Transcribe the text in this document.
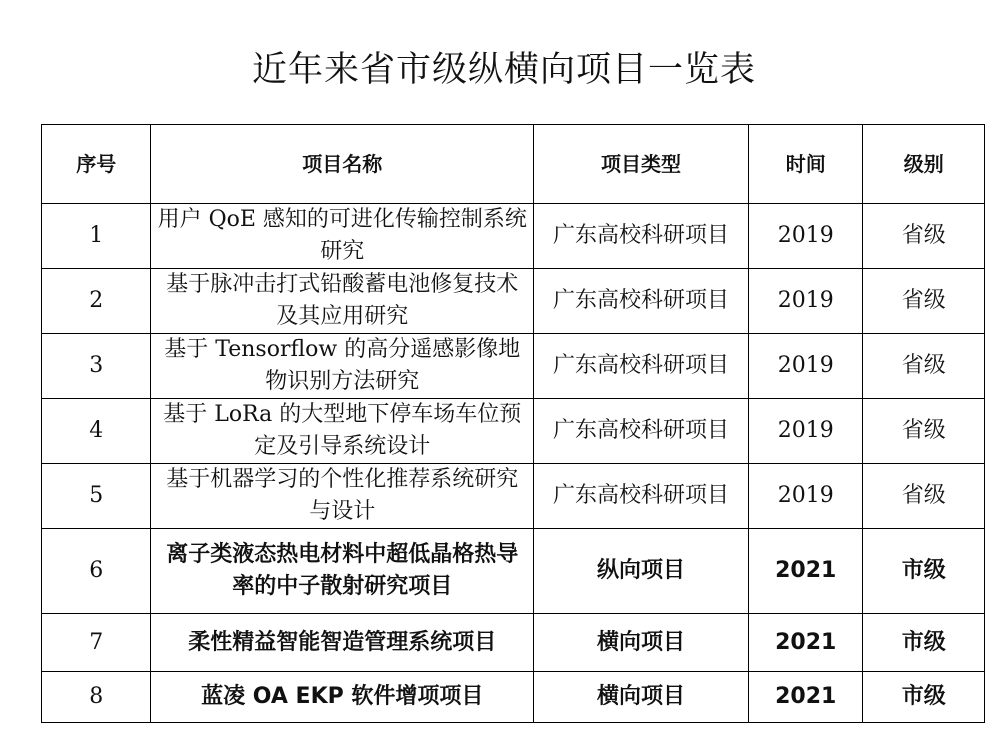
近年来省市级纵横向项目一览表
序号	项目名称	项目类型	时间	级别
1	用户 QoE 感知的可进化传输控制系统研究	广东高校科研项目	2019	省级
2	基于脉冲击打式铅酸蓄电池修复技术及其应用研究	广东高校科研项目	2019	省级
3	基于 Tensorflow 的高分遥感影像地物识别方法研究	广东高校科研项目	2019	省级
4	基于 LoRa 的大型地下停车场车位预定及引导系统设计	广东高校科研项目	2019	省级
5	基于机器学习的个性化推荐系统研究与设计	广东高校科研项目	2019	省级
6	离子类液态热电材料中超低晶格热导率的中子散射研究项目	纵向项目	2021	市级
7	柔性精益智能智造管理系统项目	横向项目	2021	市级
8	蓝凌 OA EKP 软件增项项目	横向项目	2021	市级
